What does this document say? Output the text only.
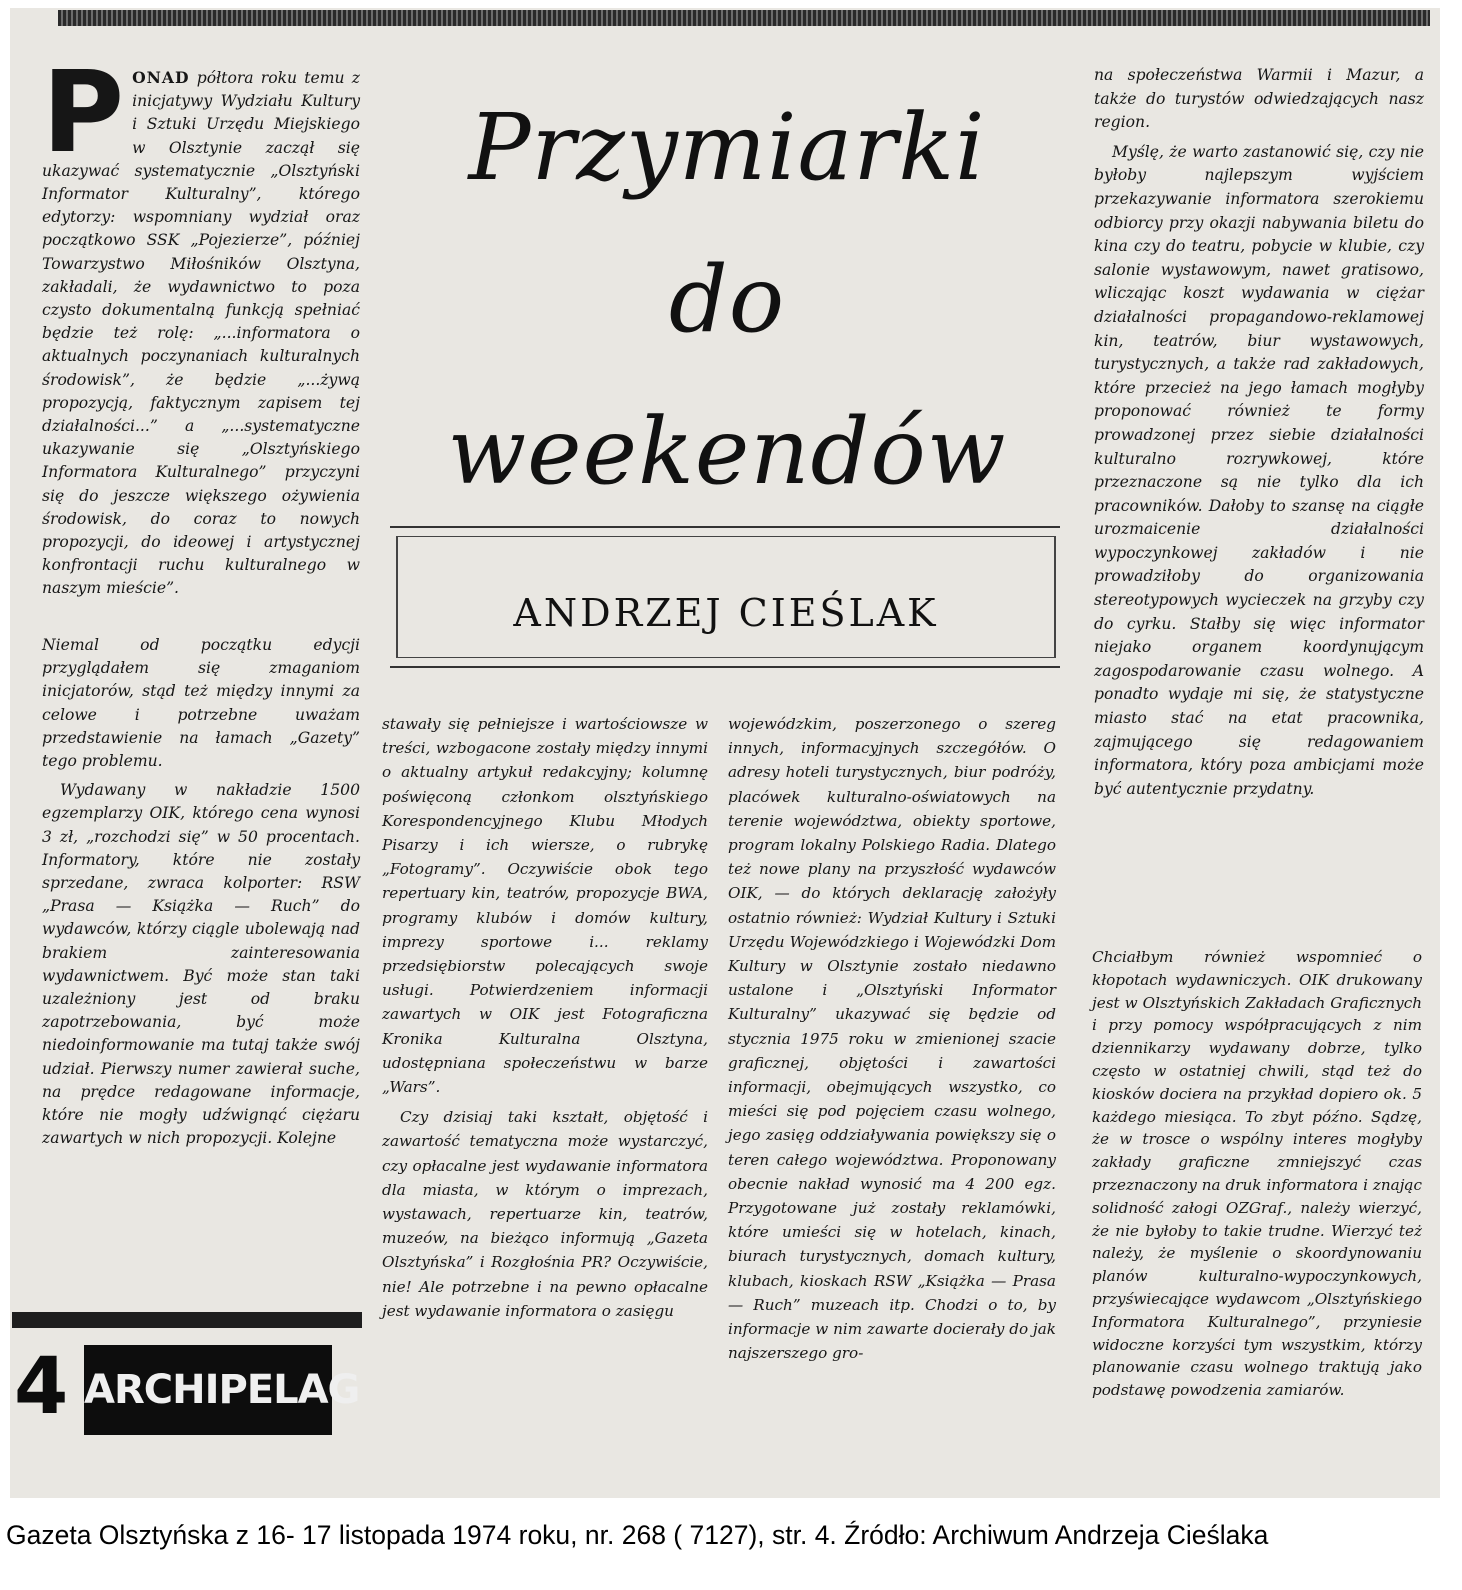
P ONAD półtora roku temu z inicjatywy Wydziału Kultury i Sztuki Urzędu Miejskiego w Olsztynie zaczął się ukazywać systematycznie „Olsztyński Informator Kulturalny”, którego edytorzy: wspomniany wydział oraz początkowo SSK „Pojezierze”, później Towarzystwo Miłośników Olsztyna, zakładali, że wydawnictwo to poza czysto dokumentalną funkcją spełniać będzie też rolę: „...informatora o aktualnych poczynaniach kulturalnych środowisk”, że będzie „...żywą propozycją, faktycznym zapisem tej działalności...” a „...systematyczne ukazywanie się „Olsztyńskiego Informatora Kulturalnego” przyczyni się do jeszcze większego ożywienia środowisk, do coraz to nowych propozycji, do ideowej i artystycznej konfrontacji ruchu kulturalnego w naszym mieście”.

Niemal od początku edycji przyglądałem się zmaganiom inicjatorów, stąd też między innymi za celowe i potrzebne uważam przedstawienie na łamach „Gazety” tego problemu.

Wydawany w nakładzie 1500 egzemplarzy OIK, którego cena wynosi 3 zł, „rozchodzi się” w 50 procentach. Informatory, które nie zostały sprzedane, zwraca kolporter: RSW „Prasa — Książka — Ruch” do wydawców, którzy ciągle ubolewają nad brakiem zainteresowania wydawnictwem. Być może stan taki uzależniony jest od braku zapotrzebowania, być może niedoinformowanie ma tutaj także swój udział. Pierwszy numer zawierał suche, na prędce redagowane informacje, które nie mogły udźwignąć ciężaru zawartych w nich propozycji. Kolejne

Przymiarki
do
weekendów
ANDRZEJ CIEŚLAK

stawały się pełniejsze i wartościowsze w treści, wzbogacone zostały między innymi o aktualny artykuł redakcyjny; kolumnę poświęconą członkom olsztyńskiego Korespondencyjnego Klubu Młodych Pisarzy i ich wiersze, o rubrykę „Fotogramy”. Oczywiście obok tego repertuary kin, teatrów, propozycje BWA, programy klubów i domów kultury, imprezy sportowe i... reklamy przedsiębiorstw polecających swoje usługi. Potwierdzeniem informacji zawartych w OIK jest Fotograficzna Kronika Kulturalna Olsztyna, udostępniana społeczeństwu w barze „Wars”.

Czy dzisiaj taki kształt, objętość i zawartość tematyczna może wystarczyć, czy opłacalne jest wydawanie informatora dla miasta, w którym o imprezach, wystawach, repertuarze kin, teatrów, muzeów, na bieżąco informują „Gazeta Olsztyńska” i Rozgłośnia PR? Oczywiście, nie! Ale potrzebne i na pewno opłacalne jest wydawanie informatora o zasięgu

wojewódzkim, poszerzonego o szereg innych, informacyjnych szczegółów. O adresy hoteli turystycznych, biur podróży, placówek kulturalno-oświatowych na terenie województwa, obiekty sportowe, program lokalny Polskiego Radia. Dlatego też nowe plany na przyszłość wydawców OIK, — do których deklarację założyły ostatnio również: Wydział Kultury i Sztuki Urzędu Wojewódzkiego i Wojewódzki Dom Kultury w Olsztynie zostało niedawno ustalone i „Olsztyński Informator Kulturalny” ukazywać się będzie od stycznia 1975 roku w zmienionej szacie graficznej, objętości i zawartości informacji, obejmujących wszystko, co mieści się pod pojęciem czasu wolnego, jego zasięg oddziaływania powiększy się o teren całego województwa. Proponowany obecnie nakład wynosić ma 4 200 egz. Przygotowane już zostały reklamówki, które umieści się w hotelach, kinach, biurach turystycznych, domach kultury, klubach, kioskach RSW „Książka — Prasa — Ruch” muzeach itp. Chodzi o to, by informacje w nim zawarte docierały do jak najszerszego gro-

na społeczeństwa Warmii i Mazur, a także do turystów odwiedzających nasz region.

Myślę, że warto zastanowić się, czy nie byłoby najlepszym wyjściem przekazywanie informatora szerokiemu odbiorcy przy okazji nabywania biletu do kina czy do teatru, pobycie w klubie, czy salonie wystawowym, nawet gratisowo, wliczając koszt wydawania w ciężar działalności propagandowo-reklamowej kin, teatrów, biur wystawowych, turystycznych, a także rad zakładowych, które przecież na jego łamach mogłyby proponować również te formy prowadzonej przez siebie działalności kulturalno rozrywkowej, które przeznaczone są nie tylko dla ich pracowników. Dałoby to szansę na ciągłe urozmaicenie działalności wypoczynkowej zakładów i nie prowadziłoby do organizowania stereotypowych wycieczek na grzyby czy do cyrku. Stałby się więc informator niejako organem koordynującym zagospodarowanie czasu wolnego. A ponadto wydaje mi się, że statystyczne miasto stać na etat pracownika, zajmującego się redagowaniem informatora, który poza ambicjami może być autentycznie przydatny.

Chciałbym również wspomnieć o kłopotach wydawniczych. OIK drukowany jest w Olsztyńskich Zakładach Graficznych i przy pomocy współpracujących z nim dziennikarzy wydawany dobrze, tylko często w ostatniej chwili, stąd też do kiosków docierа na przykład dopiero ok. 5 każdego miesiąca. To zbyt późno. Sądzę, że w trosce o wspólny interes mogłyby zakłady graficzne zmniejszyć czas przeznaczony na druk informatora i znając solidność załogi OZGraf., należy wierzyć, że nie byłoby to takie trudne. Wierzyć też należy, że myślenie o skoordynowaniu planów kulturalno-wypoczynkowych, przyświecające wydawcom „Olsztyńskiego Informatora Kulturalnego”, przyniesie widoczne korzyści tym wszystkim, którzy planowanie czasu wolnego traktują jako podstawę powodzenia zamiarów.

4 ARCHIPELAG
Gazeta Olsztyńska z 16- 17 listopada 1974 roku, nr. 268 ( 7127), str. 4. Źródło: Archiwum Andrzeja Cieślaka
